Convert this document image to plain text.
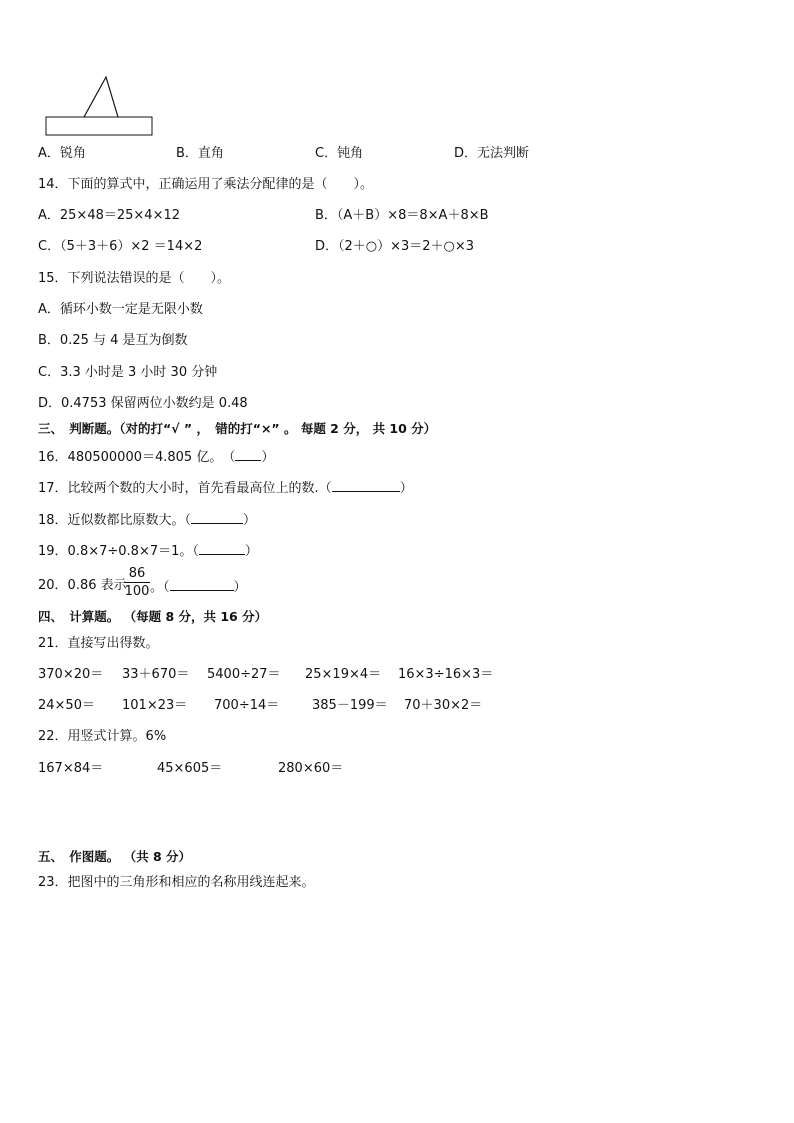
A．锐角	B．直角	C．钝角	D．无法判断
14．下面的算式中，正确运用了乘法分配律的是（　　）。
A．25×48＝25×4×12	B．（A＋B）×8＝8×A＋8×B
C．（5＋3＋6）×2 ＝14×2	D．（2＋○）×3＝2＋○×3
15．下列说法错误的是（　　）。
A．循环小数一定是无限小数
B．0.25 与 4 是互为倒数
C．3.3 小时是 3 小时 30 分钟
D．0.4753 保留两位小数约是 0.48
三、　判断题。（对的打“√ ” ，　错的打“×” 。 每题 2 分， 共 10 分）
16．480500000＝4.805 亿。　（ ）
17．比较两个数的大小时，首先看最高位上的数.（	）
18．近似数都比原数大。（	）
19．0.8×7÷0.8×7＝1。（	）
20．0.86 表示
86
100 。（	）
四、　计算题。 （每题 8 分，共 16 分）
21．直接写出得数。
370×20＝ 33＋670＝ 5400÷27＝ 25×19×4＝ 16×3÷16×3＝
24×50＝ 101×23＝ 700÷14＝	385－199＝ 70＋30×2＝
22．用竖式计算。6%
167×84＝	45×605＝	280×60＝
五、　作图题。 （共 8 分）
23．把图中的三角形和相应的名称用线连起来。
